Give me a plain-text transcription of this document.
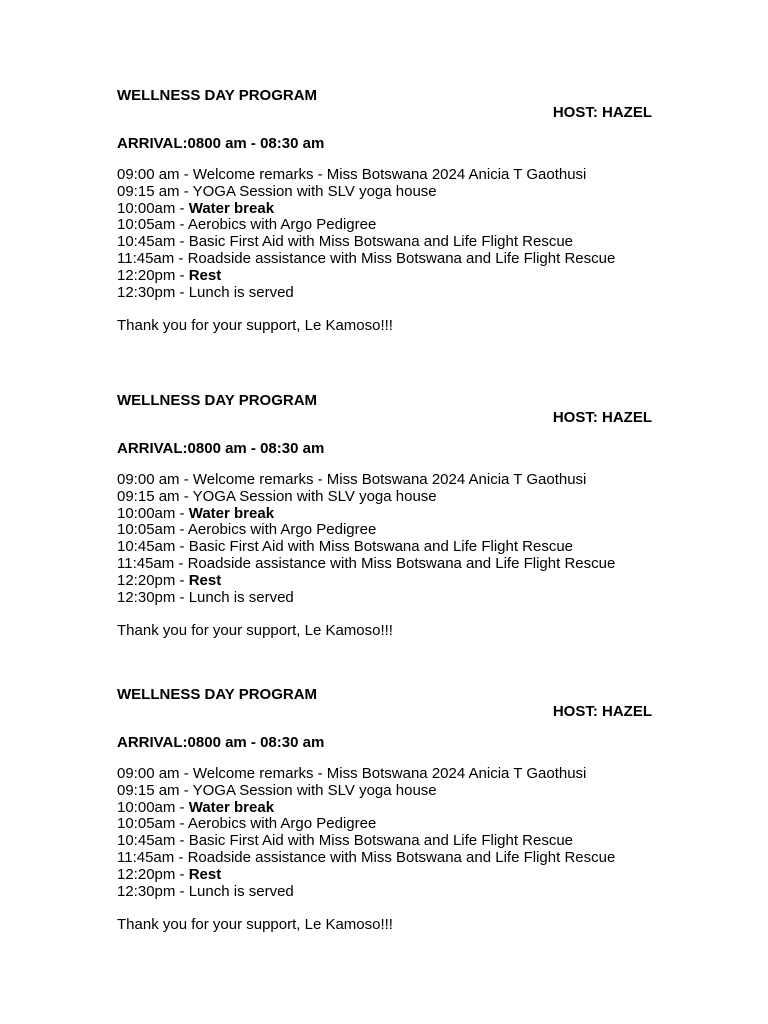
WELLNESS DAY PROGRAM
HOST: HAZEL
ARRIVAL:0800 am - 08:30 am
09:00 am - Welcome remarks - Miss Botswana 2024 Anicia T Gaothusi
09:15 am - YOGA Session with SLV yoga house
10:00am - Water break
10:05am - Aerobics with Argo Pedigree
10:45am - Basic First Aid with Miss Botswana and Life Flight Rescue
11:45am - Roadside assistance with Miss Botswana and Life Flight Rescue
12:20pm - Rest
12:30pm - Lunch is served
Thank you for your support, Le Kamoso!!!
WELLNESS DAY PROGRAM
HOST: HAZEL
ARRIVAL:0800 am - 08:30 am
09:00 am - Welcome remarks - Miss Botswana 2024 Anicia T Gaothusi
09:15 am - YOGA Session with SLV yoga house
10:00am - Water break
10:05am - Aerobics with Argo Pedigree
10:45am - Basic First Aid with Miss Botswana and Life Flight Rescue
11:45am - Roadside assistance with Miss Botswana and Life Flight Rescue
12:20pm - Rest
12:30pm - Lunch is served
Thank you for your support, Le Kamoso!!!
WELLNESS DAY PROGRAM
HOST: HAZEL
ARRIVAL:0800 am - 08:30 am
09:00 am - Welcome remarks - Miss Botswana 2024 Anicia T Gaothusi
09:15 am - YOGA Session with SLV yoga house
10:00am - Water break
10:05am - Aerobics with Argo Pedigree
10:45am - Basic First Aid with Miss Botswana and Life Flight Rescue
11:45am - Roadside assistance with Miss Botswana and Life Flight Rescue
12:20pm - Rest
12:30pm - Lunch is served
Thank you for your support, Le Kamoso!!!
